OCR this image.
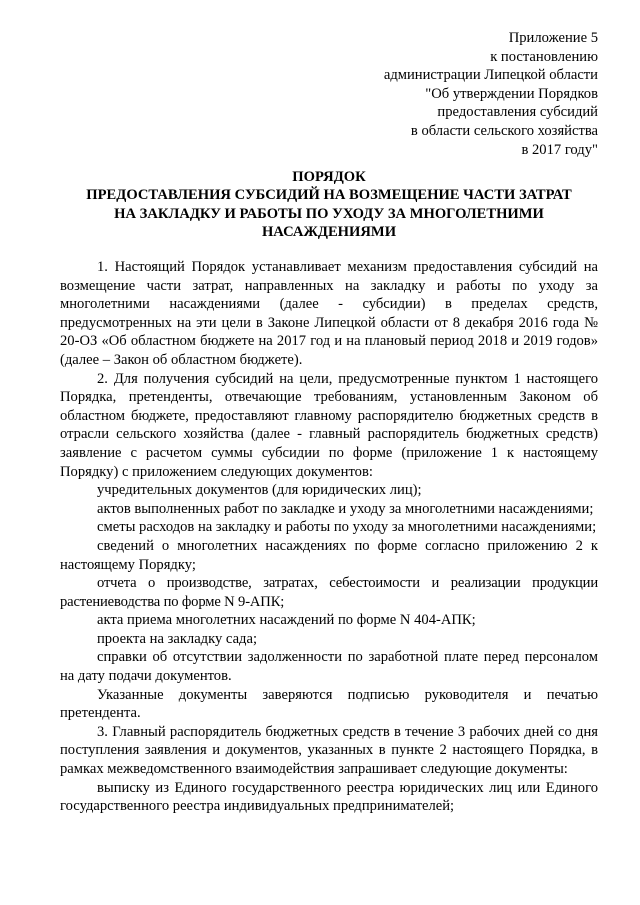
Приложение 5
к постановлению
администрации Липецкой области
"Об утверждении Порядков
предоставления субсидий
в области сельского хозяйства
в 2017 году"
ПОРЯДОК
ПРЕДОСТАВЛЕНИЯ СУБСИДИЙ НА ВОЗМЕЩЕНИЕ ЧАСТИ ЗАТРАТ
НА ЗАКЛАДКУ И РАБОТЫ ПО УХОДУ ЗА МНОГОЛЕТНИМИ
НАСАЖДЕНИЯМИ

1. Настоящий Порядок устанавливает механизм предоставления субсидий на возмещение части затрат, направленных на закладку и работы по уходу за многолетними насаждениями (далее - субсидии) в пределах средств, предусмотренных на эти цели в Законе Липецкой области от 8 декабря 2016 года № 20-ОЗ «Об областном бюджете на 2017 год и на плановый период 2018 и 2019 годов» (далее – Закон об областном бюджете).

2. Для получения субсидий на цели, предусмотренные пунктом 1 настоящего Порядка, претенденты, отвечающие требованиям, установленным Законом об областном бюджете, предоставляют главному распорядителю бюджетных средств в отрасли сельского хозяйства (далее - главный распорядитель бюджетных средств) заявление с расчетом суммы субсидии по форме (приложение 1 к настоящему Порядку) с приложением следующих документов:

учредительных документов (для юридических лиц);

актов выполненных работ по закладке и уходу за многолетними насаждениями;

сметы расходов на закладку и работы по уходу за многолетними насаждениями;

сведений о многолетних насаждениях по форме согласно приложению 2 к настоящему Порядку;

отчета о производстве, затратах, себестоимости и реализации продукции растениеводства по форме N 9-АПК;

акта приема многолетних насаждений по форме N 404-АПК;

проекта на закладку сада;

справки об отсутствии задолженности по заработной плате перед персоналом на дату подачи документов.

Указанные документы заверяются подписью руководителя и печатью претендента.

3. Главный распорядитель бюджетных средств в течение 3 рабочих дней со дня поступления заявления и документов, указанных в пункте 2 настоящего Порядка, в рамках межведомственного взаимодействия запрашивает следующие документы:

выписку из Единого государственного реестра юридических лиц или Единого государственного реестра индивидуальных предпринимателей;
